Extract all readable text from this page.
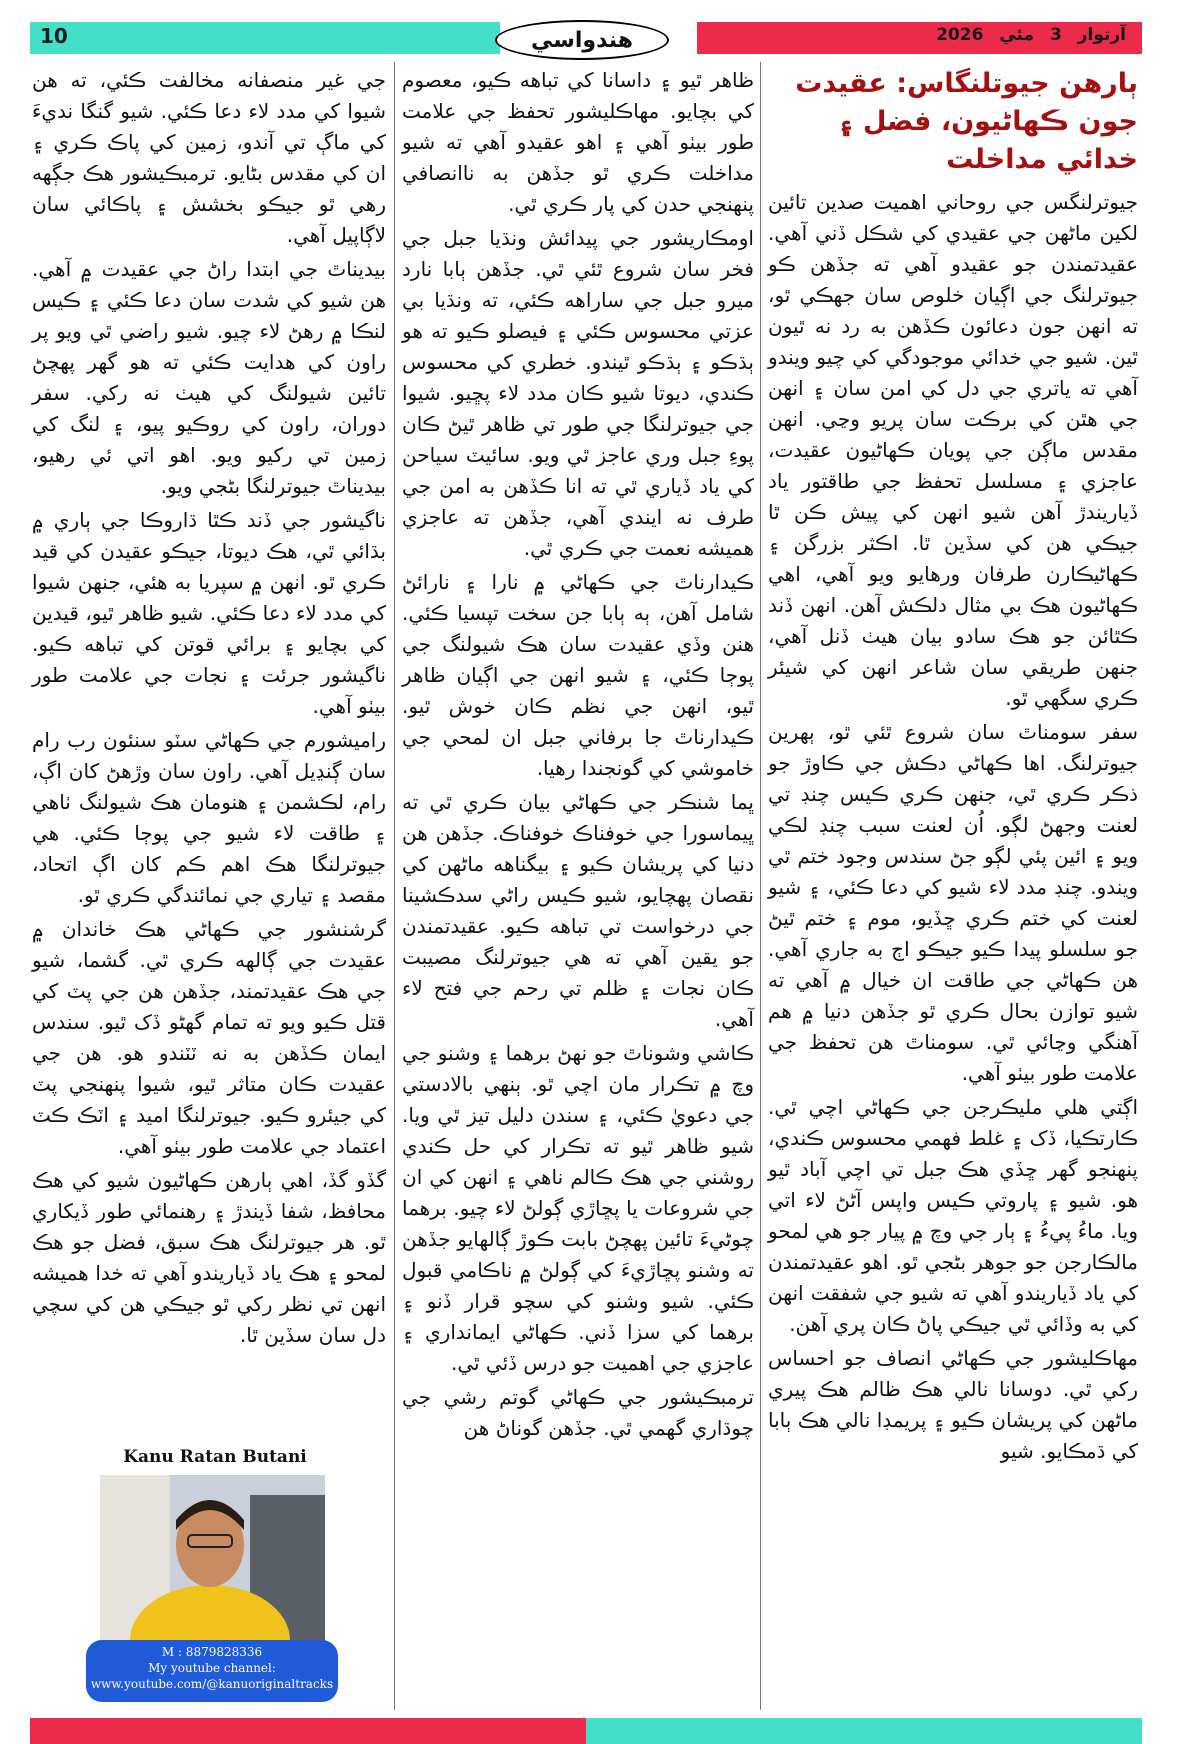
10	آرتوار 3 مئي 2026
هندواسي
ٻارهن جيوتلنگاس: عقيدت جون ڪهاڻيون، فضل ۽ خدائي مداخلت

جيوترلنگس جي روحاني اهميت صدين تائين لکين ماڻهن جي عقيدي کي شڪل ڏني آهي. عقيدتمندن جو عقيدو آهي ته جڏهن ڪو جيوترلنگ جي اڳيان خلوص سان جهڪي ٿو، ته انهن جون دعائون ڪڏهن به رد نه ٿيون ٿين. شيو جي خدائي موجودگي کي چيو ويندو آهي ته ياتري جي دل کي امن سان ۽ انهن جي هٿن کي برڪت سان پريو وڃي. انهن مقدس ماڳن جي پويان ڪهاڻيون عقيدت، عاجزي ۽ مسلسل تحفظ جي طاقتور ياد ڏياريندڙ آهن شيو انهن کي پيش ڪن ٿا جيڪي هن کي سڏين ٿا. اڪثر بزرگن ۽ ڪهاڻيڪارن طرفان ورهايو ويو آهي، اهي ڪهاڻيون هڪ بي مثال دلڪش آهن. انهن ڏند ڪٿائن جو هڪ سادو بيان هيٺ ڏنل آهي، جنهن طريقي سان شاعر انهن کي شيئر ڪري سگهي ٿو.

سفر سومناٿ سان شروع ٿئي ٿو، ٻهرين جيوترلنگ. اها ڪهاڻي دڪش جي ڪاوڙ جو ذڪر ڪري ٿي، جنهن ڪري ڪيس چنڊ تي لعنت وجهڻ لڳو. اُن لعنت سبب چنڊ لڪي ويو ۽ ائين پئي لڳو جڻ سندس وجود ختم ٿي ويندو. چنڊ مدد لاء شيو کي دعا ڪئي، ۽ شيو لعنت کي ختم ڪري ڇڏيو، موم ۽ ختم ٿيڻ جو سلسلو پيدا ڪيو جيڪو اڄ به جاري آهي. هن ڪهاڻي جي طاقت ان خيال ۾ آهي ته شيو توازن بحال ڪري ٿو جڏهن دنيا ۾ هم آهنگي وڃائي ٿي. سومناٿ هن تحفظ جي علامت طور بيٺو آهي.

اڳتي هلي مليڪرجن جي ڪهاڻي اچي ٿي. ڪارتڪيا، ڏک ۽ غلط فهمي محسوس ڪندي، پنهنجو گهر ڇڏي هڪ جبل تي اچي آباد ٿيو هو. شيو ۽ پاروتي ڪيس واپس آڻڻ لاء اتي ويا. ماءُ پيءُ ۽ ٻار جي وچ ۾ پيار جو هي لمحو مالڪارجن جو جوهر بڻجي ٿو. اهو عقيدتمندن کي ياد ڏياريندو آهي ته شيو جي شفقت انهن کي به وڏائي ٿي جيڪي پاڻ ڪان پري آهن.

مهاڪليشور جي ڪهاڻي انصاف جو احساس رکي ٿي. دوسانا نالي هڪ ظالم هڪ پيري ماڻهن کي پريشان ڪيو ۽ پريمڊا نالي هڪ ٻابا کي ڌمڪايو. شيو

ظاهر ٿيو ۽ داسانا کي تباهه ڪيو، معصوم کي بچايو. مهاڪليشور تحفظ جي علامت طور بيٺو آهي ۽ اهو عقيدو آهي ته شيو مداخلت ڪري ٿو جڏهن به ناانصافي پنهنجي حدن کي پار ڪري ٿي.

اومڪاريشور جي پيدائش ونڌيا جبل جي فخر سان شروع ٿئي ٿي. جڏهن ٻابا نارد ميرو جبل جي ساراهه ڪئي، ته ونڌيا بي عزتي محسوس ڪئي ۽ فيصلو ڪيو ته هو ٻڌڪو ۽ ٻڌڪو ٿيندو. خطري کي محسوس ڪندي، ديوتا شيو ڪان مدد لاء پڇيو. شيوا جي جيوترلنگا جي طور تي ظاهر ٿيڻ ڪان پوءِ جبل وري عاجز ٿي ويو. سائيٽ سياحن کي ياد ڏياري ٿي ته انا ڪڏهن به امن جي طرف نه ايندي آهي، جڏهن ته عاجزي هميشه نعمت جي ڪري ٿي.

ڪيدارناٿ جي ڪهاڻي ۾ نارا ۽ نارائڻ شامل آهن، ٻه ٻابا جن سخت تپسيا ڪئي. هنن وڏي عقيدت سان هڪ شيولنگ جي پوڄا ڪئي، ۽ شيو انهن جي اڳيان ظاهر ٿيو، انهن جي نظم ڪان خوش ٿيو. ڪيدارناٿ جا برفاني جبل ان لمحي جي خاموشي کي گونجندا رهيا.

ڀما شنڪر جي ڪهاڻي بيان ڪري ٿي ته ڀيماسورا جي خوفناڪ خوفناڪ. جڏهن هن دنيا کي پريشان ڪيو ۽ بيگناهه ماڻهن کي نقصان پهچايو، شيو ڪيس راڻي سدڪشينا جي درخواست تي تباهه ڪيو. عقيدتمندن جو يقين آهي ته هي جيوترلنگ مصيبت ڪان نجات ۽ ظلم تي رحم جي فتح لاء آهي.

ڪاشي وشوناٿ جو نهڻ برهما ۽ وشنو جي وچ ۾ تڪرار مان اچي ٿو. ٻنهي بالادستي جي دعويٰ ڪئي، ۽ سندن دليل تيز ٿي ويا. شيو ظاهر ٿيو ته تڪرار کي حل ڪندي روشني جي هڪ ڪالم ناهي ۽ انهن کي ان جي شروعات يا پڇاڙي ڳولڻ لاء چيو. برهما چوڻيءَ تائين پهچڻ بابت ڪوڙ ڳالهايو جڏهن ته وشنو پڇاڙيءَ کي ڳولڻ ۾ ناڪامي قبول ڪئي. شيو وشنو کي سچو قرار ڏنو ۽ برهما کي سزا ڏني. ڪهاڻي ايمانداري ۽ عاجزي جي اهميت جو درس ڏئي ٿي.

ترمبڪيشور جي ڪهاڻي گوتم رشي جي چوڌاري گهمي ٿي. جڏهن گوناڻ هن

جي غير منصفانه مخالفت ڪئي، ته هن شيوا کي مدد لاء دعا ڪئي. شيو گنگا نديءَ کي ماڳ تي آندو، زمين کي پاڪ ڪري ۽ ان کي مقدس بڻايو. ترمبڪيشور هڪ جڳهه رهي ٿو جيڪو بخشش ۽ پاڪائي سان لاڳاپيل آهي.

بيديناٿ جي ابتدا راڻ جي عقيدت ۾ آهي. هن شيو کي شدت سان دعا ڪئي ۽ ڪيس لنڪا ۾ رهڻ لاء چيو. شيو راضي ٿي ويو پر راون کي هدايت ڪئي ته هو گهر پهچڻ تائين شيولنگ کي هيٺ نه رکي. سفر دوران، راون کي روڪيو پيو، ۽ لنگ کي زمين تي رکيو ويو. اهو اتي ئي رهيو، بيديناٿ جيوترلنگا بڻجي ويو.

ناگيشور جي ڏند ڪٿا ڌاروڪا جي ٻاري ۾ بڌائي ٿي، هڪ ديوتا، جيڪو عقيدن کي قيد ڪري ٿو. انهن ۾ سپريا به هئي، جنهن شيوا کي مدد لاء دعا ڪئي. شيو ظاهر ٿيو، قيدين کي بچايو ۽ برائي قوتن کي تباهه ڪيو. ناگيشور جرئت ۽ نجات جي علامت طور بيٺو آهي.

راميشورم جي ڪهاڻي سٽو سنئون رب رام سان ڳنڍيل آهي. راون سان وڙهڻ کان اڳ، رام، لڪشمن ۽ هنومان هڪ شيولنگ ٺاهي ۽ طاقت لاء شيو جي پوڄا ڪئي. هي جيوترلنگا هڪ اهم ڪم کان اڳ اتحاد، مقصد ۽ تياري جي نمائندگي ڪري ٿو.

گرشنشور جي ڪهاڻي هڪ خاندان ۾ عقيدت جي ڳالهه ڪري ٿي. گشما، شيو جي هڪ عقيدتمند، جڏهن هن جي پٽ کي قتل ڪيو ويو ته تمام گهڻو ڏک ٿيو. سندس ايمان ڪڏهن به نه ٽٽندو هو. هن جي عقيدت ڪان متاثر ٿيو، شيوا پنهنجي پٽ کي جيئرو ڪيو. جيوترلنگا اميد ۽ اٽڪ ڪٽ اعتماد جي علامت طور بيٺو آهي.

گڏو گڏ، اهي ٻارهن ڪهاڻيون شيو کي هڪ محافظ، شفا ڏيندڙ ۽ رهنمائي طور ڏيکاري ٿو. هر جيوترلنگ هڪ سبق، فضل جو هڪ لمحو ۽ هڪ ياد ڏياريندو آهي ته خدا هميشه انهن تي نظر رکي ٿو جيڪي هن کي سچي دل سان سڏين ٿا.

Kanu Ratan Butani
M : 8879828336
My youtube channel:
www.youtube.com/@kanuoriginaltracks
